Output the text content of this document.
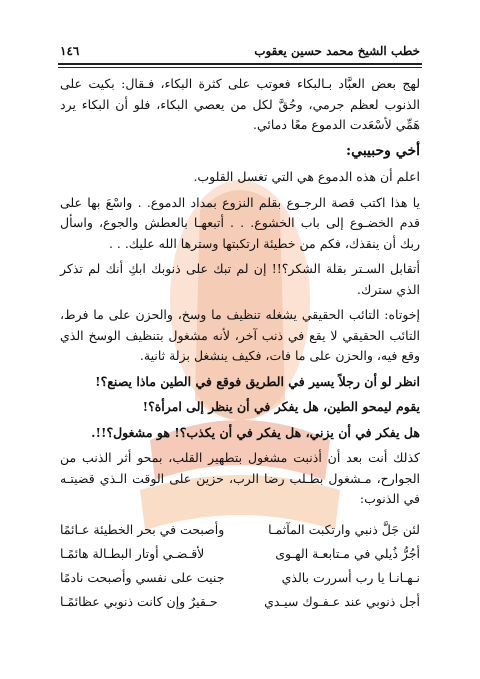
خطب الشيخ محمد حسين يعقوب
١٤٦

لهج بعض العبَّاد بـالبكاء فعوتب على كثرة البكاء، فـقال: بكيت على الذنوب لعظم جرمي، وحُقَّ لكل من يعصي البكاء، فلو أن البكاء يرد هَمِّي لأسْعَدت الدموع معًا دمائي.

أخي وحبيبي:

اعلم أن هذه الدموع هي التي تغسل القلوب.

يا هذا اكتب قصة الرجـوع بقلم النزوع بمداد الدموع. . واسْعَ بها على قدم الخضـوع إلى باب الخشوع. . . أتبعهـا بالعطش والجوع، واسأل ربك أن ينقذك، فكم من خطيئة ارتكبتها وسترها الله عليك. . .

أتقابل السـتر بقلة الشكر؟!! إن لم تبك على ذنوبك ابكِ أنك لم تذكر الذي سترك.

إخوتاه: التائب الحقيقي يشغله تنظيف ما وسخ، والحزن على ما فرط، التائب الحقيقي لا يقع في ذنب آخر، لأنه مشغول بتنظيف الوسخ الذي وقع فيه، والحزن على ما فات، فكيف ينشغل بزلة ثانية.

انظر لو أن رجلاً يسير في الطريق فوقع في الطين ماذا يصنع؟!

يقوم ليمحو الطين، هل يفكر في أن ينظر إلى امرأة؟!

هل يفكر في أن يزني، هل يفكر في أن يكذب؟! هو مشغول؟!!.

كذلك أنت بعد أن أذنبت مشغول بتطهير القلب، بمحو أثر الذنب من الجوارح، مـشغول بطـلب رضا الرب، حزين على الوقت الـذي قضيتـه في الذنوب:

لئن جَلَّ ذنبي وارتكبت المآثمـا
وأصبحت في بحر الخطيئة عـائمًا
أجُرُّ ذُيلي في مـتابعـة الهـوى
لأقـضـي أوتار البطـالة هائمًـا
نـهـانـا يا رب أسررت بالذي
جنيت على نفسي وأصبحت نادمًا
أجل ذنوبي عند عـفـوك سيـدي
حـقيرٌ وإن كانت ذنوبي عظائمًـا
